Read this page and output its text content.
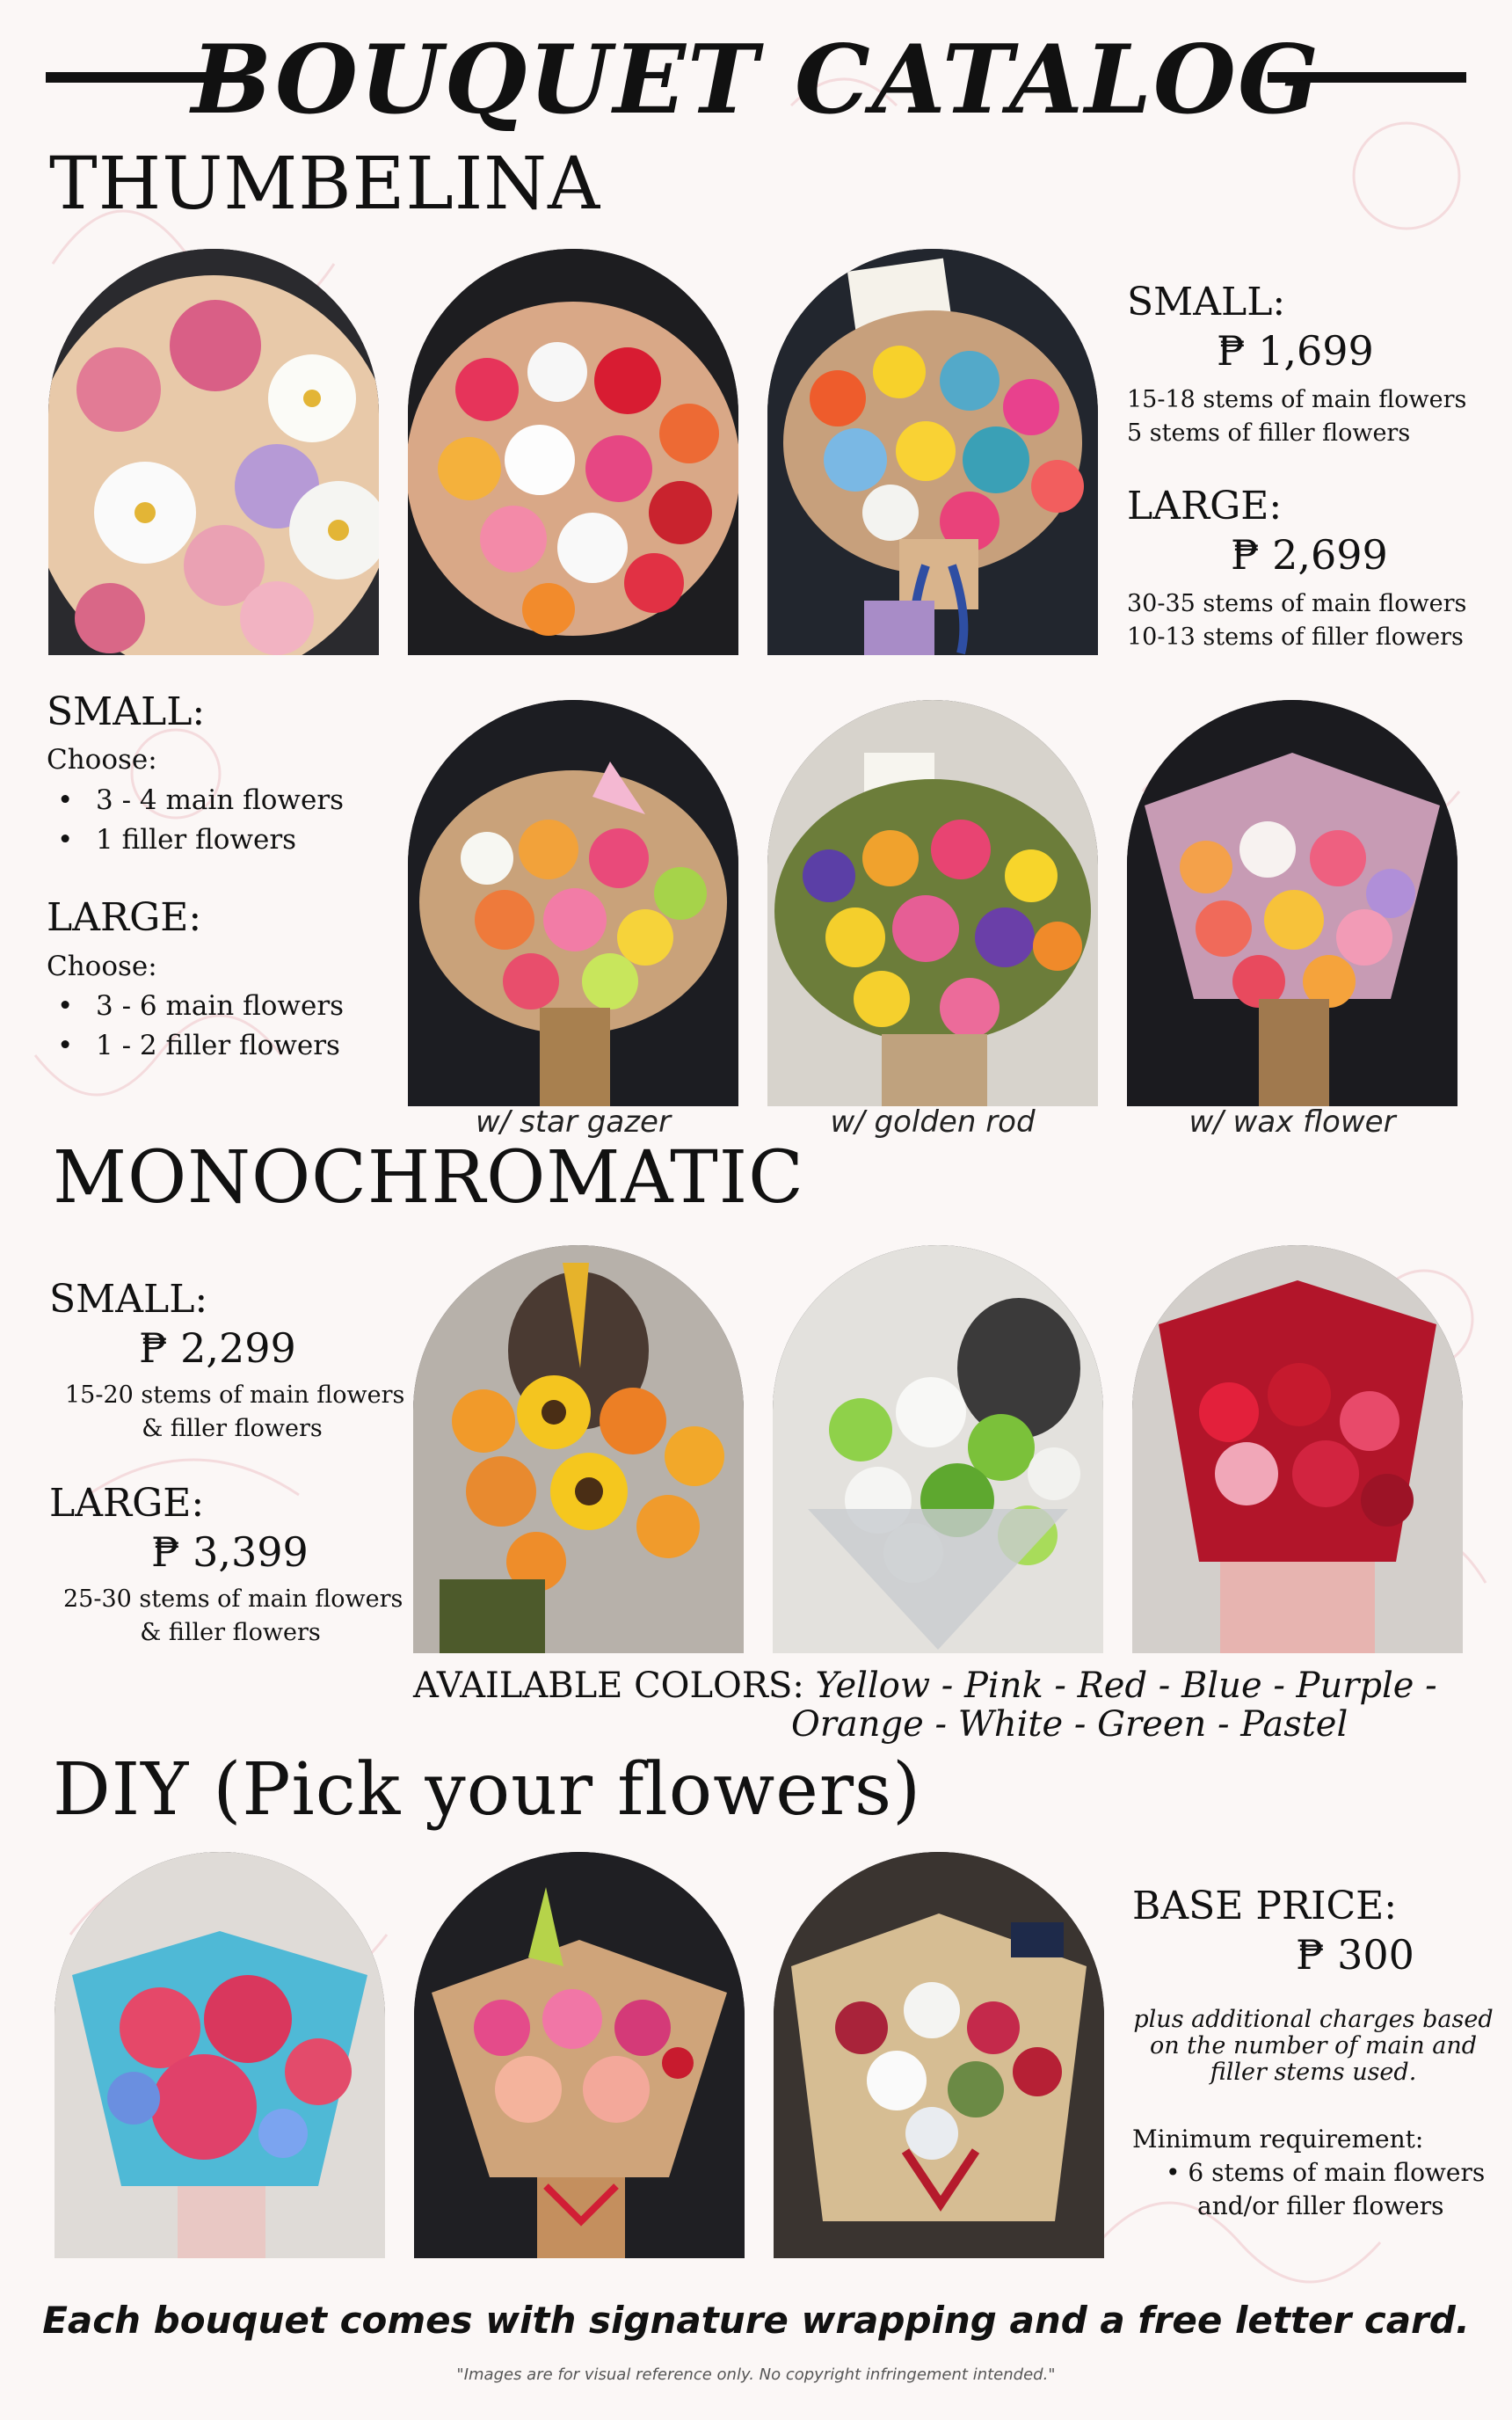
BOUQUET CATALOG
THUMBELINA
SMALL:
₱ 1,699
15-18 stems of main flowers
5 stems of filler flowers
LARGE:
₱ 2,699
30-35 stems of main flowers
10-13 stems of filler flowers
SMALL:
Choose:
• 3 - 4 main flowers
• 1 filler flowers
LARGE:
Choose:
• 3 - 6 main flowers
• 1 - 2 filler flowers
w/ star gazer	w/ golden rod	w/ wax flower
MONOCHROMATIC
SMALL:
₱ 2,299
15-20 stems of main flowers
& filler flowers
LARGE:
₱ 3,399
25-30 stems of main flowers
& filler flowers
AVAILABLE COLORS: Yellow - Pink - Red - Blue - Purple -
Orange - White - Green - Pastel
DIY (Pick your flowers)
BASE PRICE:
₱ 300
plus additional charges based
on the number of main and
filler stems used.
Minimum requirement:
• 6 stems of main flowers
and/or filler flowers
Each bouquet comes with signature wrapping and a free letter card.
"Images are for visual reference only. No copyright infringement intended."
